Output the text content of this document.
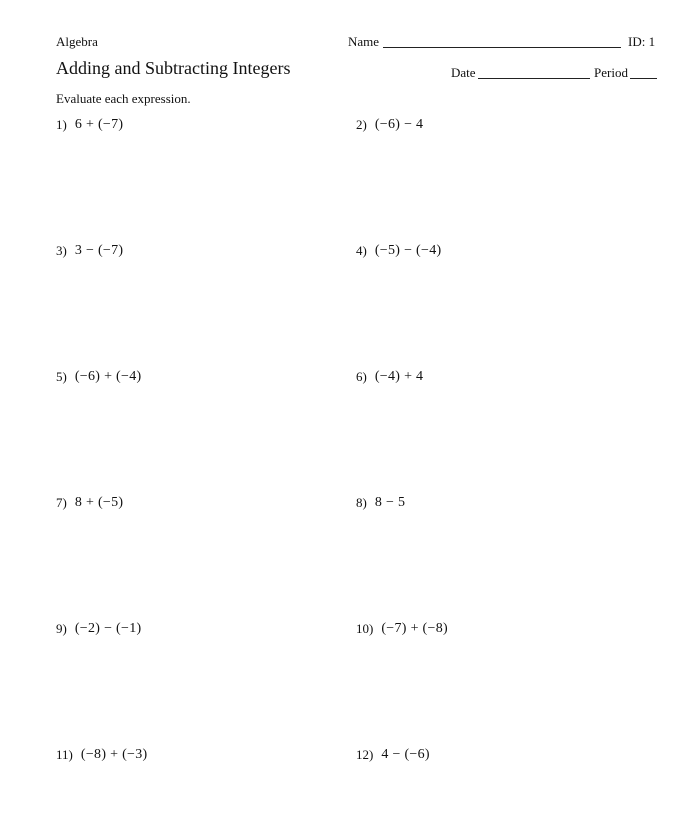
Algebra	Name	ID: 1
Adding and Subtracting Integers	Date	Period
Evaluate each expression.
1) 6 + (−7)
3) 3 − (−7)
5) (−6) + (−4)
7) 8 + (−5)
9) (−2) − (−1)
11) (−8) + (−3)
2) (−6) − 4
4) (−5) − (−4)
6) (−4) + 4
8) 8 − 5
10) (−7) + (−8)
12) 4 − (−6)
